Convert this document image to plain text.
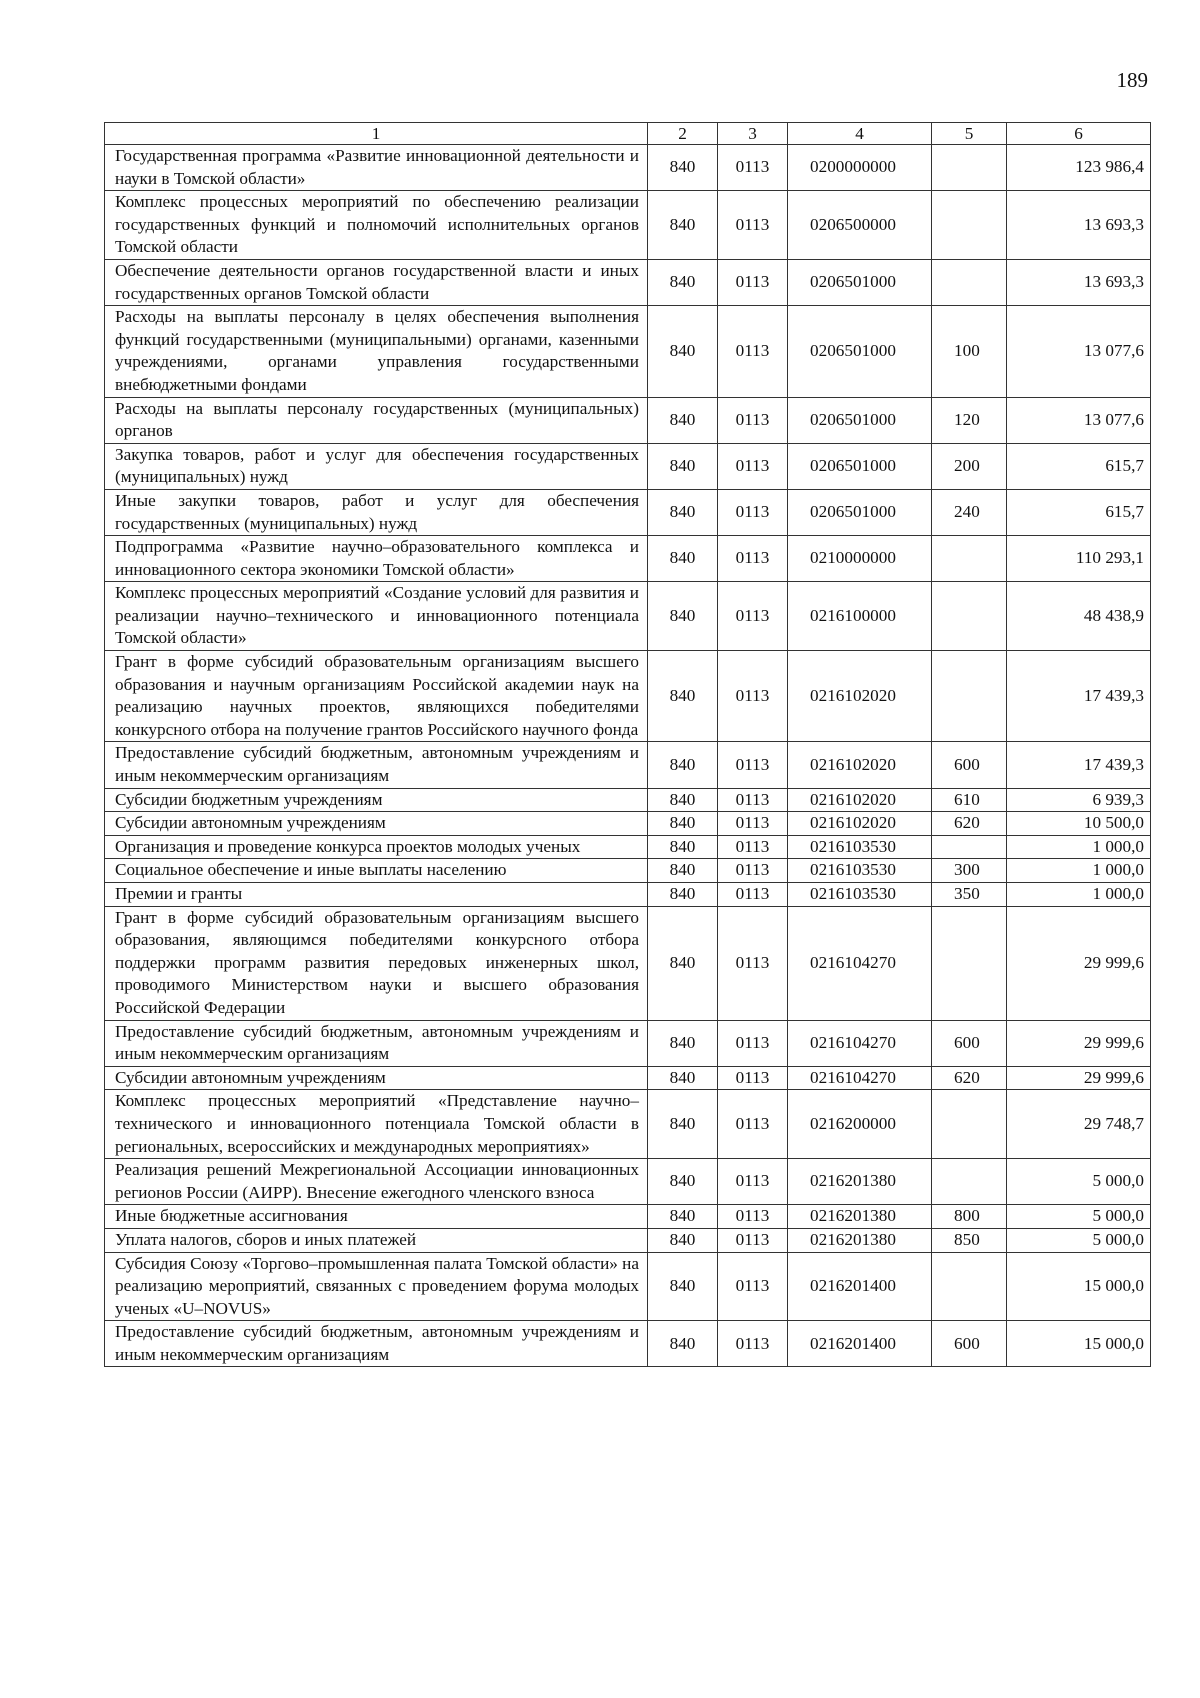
189
1	2	3	4	5	6
Государственная программа «Развитие инновационной деятельности и науки в Томской области»	840	0113	0200000000		123 986,4
Комплекс процессных мероприятий по обеспечению реализации государственных функций и полномочий исполнительных органов Томской области	840	0113	0206500000		13 693,3
Обеспечение деятельности органов государственной власти и иных государственных органов Томской области	840	0113	0206501000		13 693,3
Расходы на выплаты персоналу в целях обеспечения выполнения функций государственными (муниципальными) органами, казенными учреждениями, органами управления государственными внебюджетными фондами	840	0113	0206501000	100	13 077,6
Расходы на выплаты персоналу государственных (муниципальных) органов	840	0113	0206501000	120	13 077,6
Закупка товаров, работ и услуг для обеспечения государственных (муниципальных) нужд	840	0113	0206501000	200	615,7
Иные закупки товаров, работ и услуг для обеспечения государственных (муниципальных) нужд	840	0113	0206501000	240	615,7
Подпрограмма «Развитие научно–образовательного комплекса и инновационного сектора экономики Томской области»	840	0113	0210000000		110 293,1
Комплекс процессных мероприятий «Создание условий для развития и реализации научно–технического и инновационного потенциала Томской области»	840	0113	0216100000		48 438,9
Грант в форме субсидий образовательным организациям высшего образования и научным организациям Российской академии наук на реализацию научных проектов, являющихся победителями конкурсного отбора на получение грантов Российского научного фонда	840	0113	0216102020		17 439,3
Предоставление субсидий бюджетным, автономным учреждениям и иным некоммерческим организациям	840	0113	0216102020	600	17 439,3
Субсидии бюджетным учреждениям	840	0113	0216102020	610	6 939,3
Субсидии автономным учреждениям	840	0113	0216102020	620	10 500,0
Организация и проведение конкурса проектов молодых ученых	840	0113	0216103530		1 000,0
Социальное обеспечение и иные выплаты населению	840	0113	0216103530	300	1 000,0
Премии и гранты	840	0113	0216103530	350	1 000,0
Грант в форме субсидий образовательным организациям высшего образования, являющимся победителями конкурсного отбора поддержки программ развития передовых инженерных школ, проводимого Министерством науки и высшего образования Российской Федерации	840	0113	0216104270		29 999,6
Предоставление субсидий бюджетным, автономным учреждениям и иным некоммерческим организациям	840	0113	0216104270	600	29 999,6
Субсидии автономным учреждениям	840	0113	0216104270	620	29 999,6
Комплекс процессных мероприятий «Представление научно–технического и инновационного потенциала Томской области в региональных, всероссийских и международных мероприятиях»	840	0113	0216200000		29 748,7
Реализация решений Межрегиональной Ассоциации инновационных регионов России (АИРР). Внесение ежегодного членского взноса	840	0113	0216201380		5 000,0
Иные бюджетные ассигнования	840	0113	0216201380	800	5 000,0
Уплата налогов, сборов и иных платежей	840	0113	0216201380	850	5 000,0
Субсидия Союзу «Торгово–промышленная палата Томской области» на реализацию мероприятий, связанных с проведением форума молодых ученых «U–NOVUS»	840	0113	0216201400		15 000,0
Предоставление субсидий бюджетным, автономным учреждениям и иным некоммерческим организациям	840	0113	0216201400	600	15 000,0
